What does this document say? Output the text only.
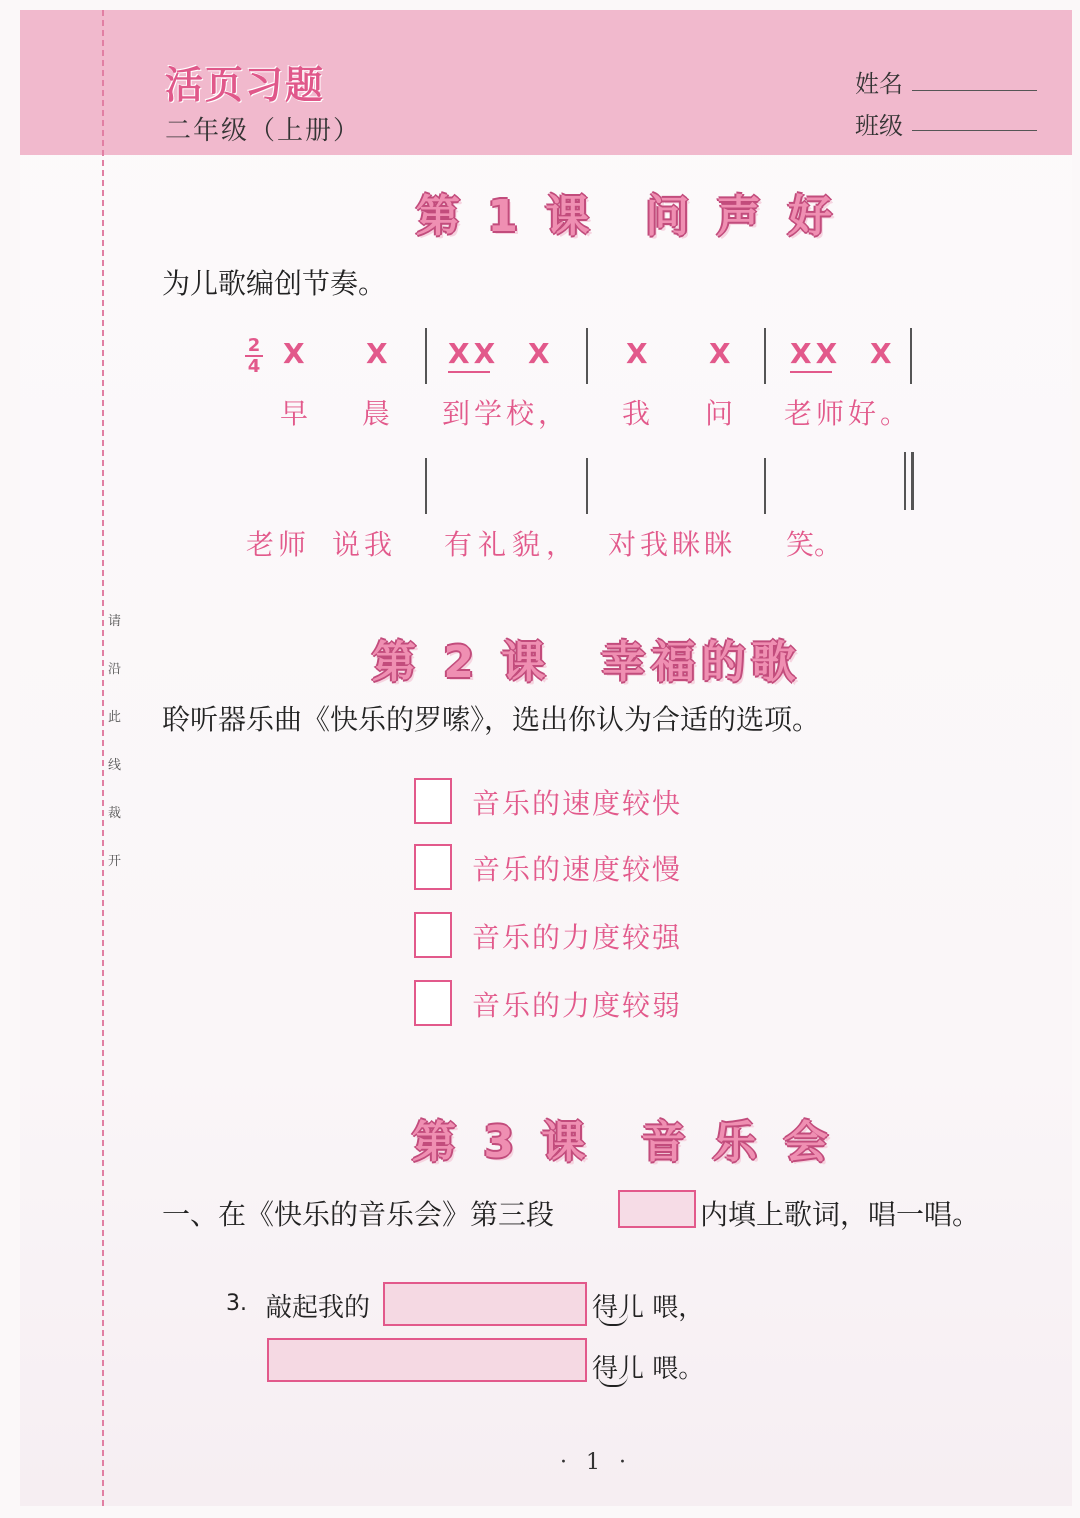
请
沿
此
线
裁
开
活页习题
二年级（上册）
姓名
班级
第 1 课　问 声 好
为儿歌编创节奏。
2
4 X X XX X	X X XX X
早 晨 到学校， 我 问 老师好。
老师 说我 有礼貌， 对我眯眯 笑。
第 2 课　幸福的歌
聆听器乐曲《快乐的罗嗦》，选出你认为合适的选项。
音乐的速度较快
音乐的速度较慢
音乐的力度较强
音乐的力度较弱
第 3 课　音 乐 会
一、在《快乐的音乐会》第三段	内填上歌词，唱一唱。
3. 敲起我的	得儿 喂，
得儿 喂。
· 1 ·
